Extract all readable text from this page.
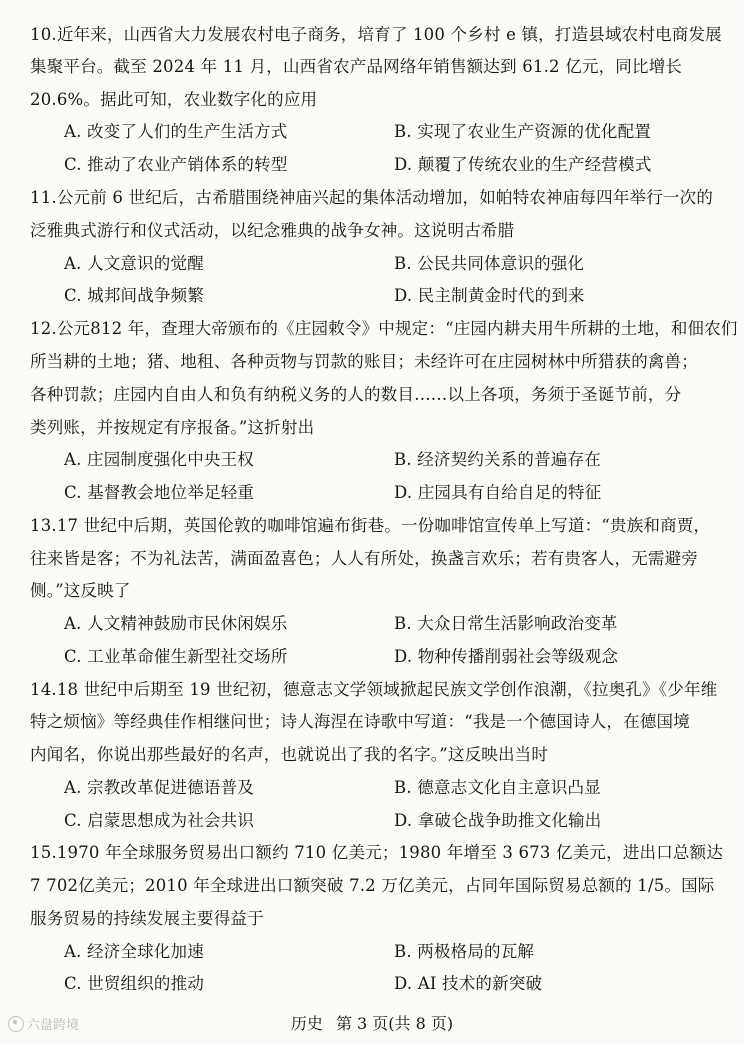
10.近年来，山西省大力发展农村电子商务，培育了 100 个乡村 e 镇，打造县域农村电商发展
集聚平台。截至 2024 年 11 月，山西省农产品网络年销售额达到 61.2 亿元，同比增长
20.6%。据此可知，农业数字化的应用
A. 改变了人们的生产生活方式	B. 实现了农业生产资源的优化配置
C. 推动了农业产销体系的转型	D. 颠覆了传统农业的生产经营模式
11.公元前 6 世纪后，古希腊围绕神庙兴起的集体活动增加，如帕特农神庙每四年举行一次的
泛雅典式游行和仪式活动，以纪念雅典的战争女神。这说明古希腊
A. 人文意识的觉醒	B. 公民共同体意识的强化
C. 城邦间战争频繁	D. 民主制黄金时代的到来
12.公元812 年，查理大帝颁布的《庄园敕令》中规定：“庄园内耕夫用牛所耕的土地，和佃农们
所当耕的土地；猪、地租、各种贡物与罚款的账目；未经许可在庄园树林中所猎获的禽兽；
各种罚款；庄园内自由人和负有纳税义务的人的数目……以上各项，务须于圣诞节前，分
类列账，并按规定有序报备。”这折射出
A. 庄园制度强化中央王权	B. 经济契约关系的普遍存在
C. 基督教会地位举足轻重	D. 庄园具有自给自足的特征
13.17 世纪中后期，英国伦敦的咖啡馆遍布街巷。一份咖啡馆宣传单上写道：“贵族和商贾，
往来皆是客；不为礼法苦，满面盈喜色；人人有所处，换盏言欢乐；若有贵客人，无需避旁
侧。”这反映了
A. 人文精神鼓励市民休闲娱乐	B. 大众日常生活影响政治变革
C. 工业革命催生新型社交场所	D. 物种传播削弱社会等级观念
14.18 世纪中后期至 19 世纪初，德意志文学领域掀起民族文学创作浪潮，《拉奥孔》《少年维
特之烦恼》等经典佳作相继问世；诗人海涅在诗歌中写道：“我是一个德国诗人，在德国境
内闻名，你说出那些最好的名声，也就说出了我的名字。”这反映出当时
A. 宗教改革促进德语普及	B. 德意志文化自主意识凸显
C. 启蒙思想成为社会共识	D. 拿破仑战争助推文化输出
15.1970 年全球服务贸易出口额约 710 亿美元；1980 年增至 3 673 亿美元，进出口总额达
7 702亿美元；2010 年全球进出口额突破 7.2 万亿美元，占同年国际贸易总额的 1/5。国际
服务贸易的持续发展主要得益于
A. 经济全球化加速	B. 两极格局的瓦解
C. 世贸组织的推动	D. AI 技术的新突破
历史 第 3 页(共 8 页)
六盘跨境
